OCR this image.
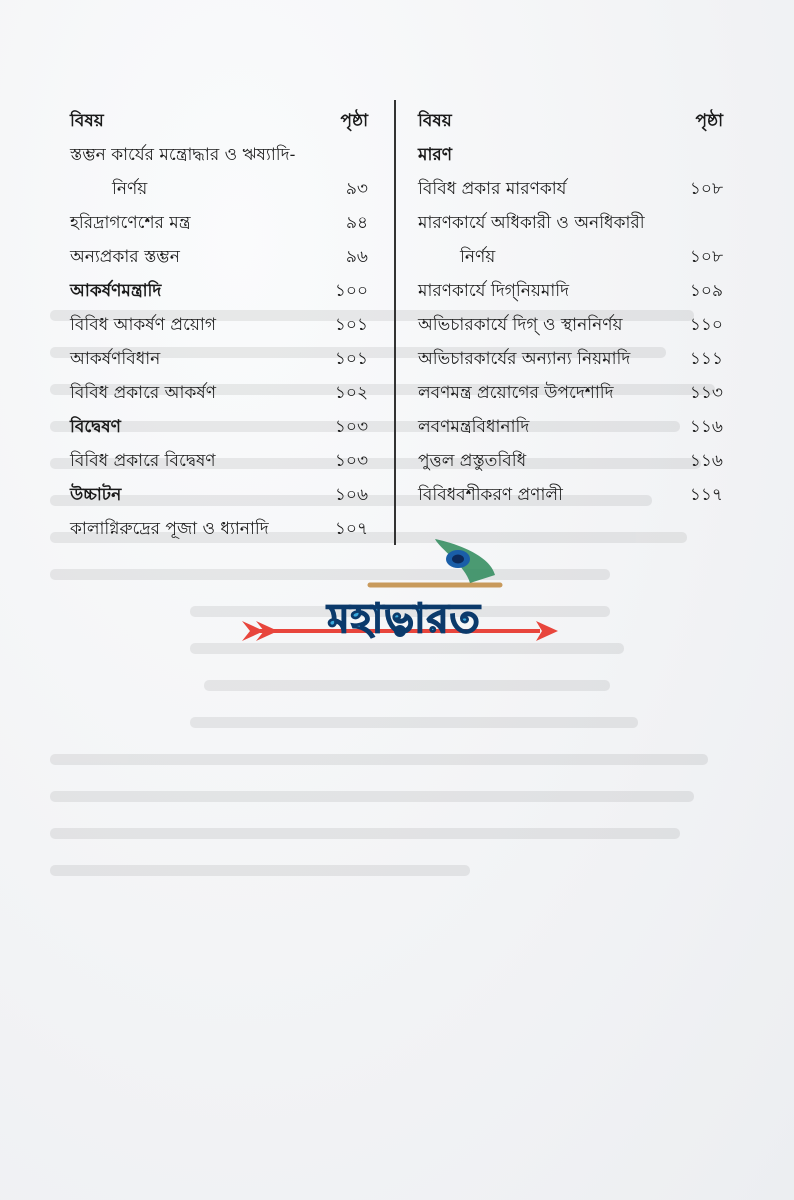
বিষয়	পৃষ্ঠা
স্তম্ভন কার্যের মন্ত্রোদ্ধার ও ঋষ্যাদি-
নির্ণয়	৯৩
হরিদ্রাগণেশের মন্ত্র	৯৪
অন্যপ্রকার স্তম্ভন	৯৬
আকর্ষণমন্ত্রাদি	১০০
বিবিধ আকর্ষণ প্রয়োগ	১০১
আকর্ষণবিধান	১০১
বিবিধ প্রকারে আকর্ষণ	১০২
বিদ্বেষণ	১০৩
বিবিধ প্রকারে বিদ্বেষণ	১০৩
উচ্চাটন	১০৬
কালাগ্নিরুদ্রের পূজা ও ধ্যানাদি	১০৭
বিষয়	পৃষ্ঠা
মারণ
বিবিধ প্রকার মারণকার্য	১০৮
মারণকার্যে অধিকারী ও অনধিকারী
নির্ণয়	১০৮
মারণকার্যে দিগ্‌নিয়মাদি	১০৯
অভিচারকার্যে দিগ্‌ ও স্থাননির্ণয়	১১০
অভিচারকার্যের অন্যান্য নিয়মাদি	১১১
লবণমন্ত্র প্রয়োগের উপদেশাদি	১১৩
লবণমন্ত্রবিধানাদি	১১৬
পুত্তল প্রস্তুতবিধি	১১৬
বিবিধবশীকরণ প্রণালী	১১৭
মহাভারত
